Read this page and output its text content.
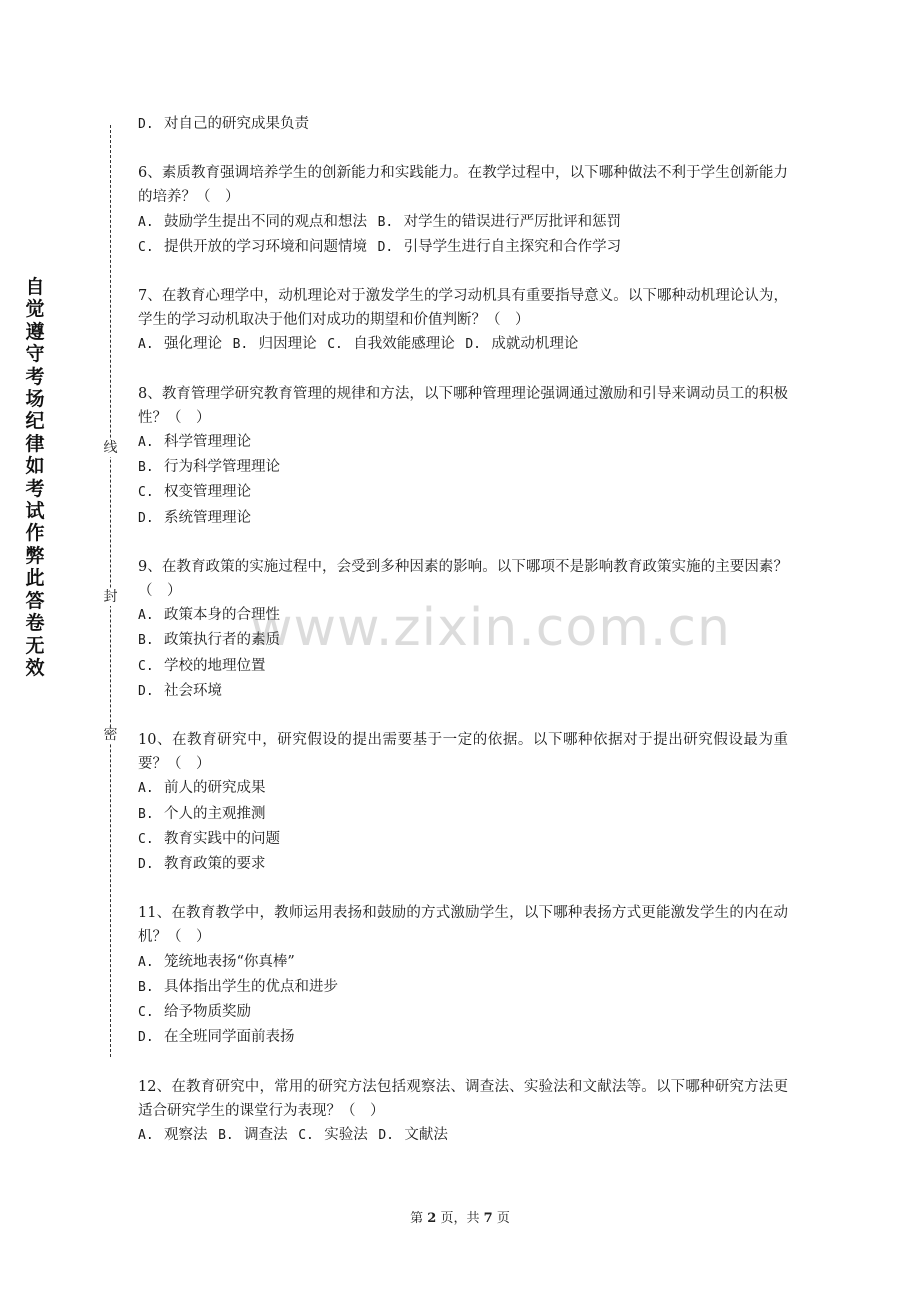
自觉遵守考场纪律如考试作弊此答卷无效
线
封
密
www.zixin.com.cn
D. 对自己的研究成果负责
6、素质教育强调培养学生的创新能力和实践能力。在教学过程中，以下哪种做法不利于学生创新能力的培养？（　）
A. 鼓励学生提出不同的观点和想法 B. 对学生的错误进行严厉批评和惩罚
C. 提供开放的学习环境和问题情境 D. 引导学生进行自主探究和合作学习
7、在教育心理学中，动机理论对于激发学生的学习动机具有重要指导意义。以下哪种动机理论认为，学生的学习动机取决于他们对成功的期望和价值判断？（　）
A. 强化理论 B. 归因理论 C. 自我效能感理论 D. 成就动机理论
8、教育管理学研究教育管理的规律和方法，以下哪种管理理论强调通过激励和引导来调动员工的积极性？（　）
A. 科学管理理论
B. 行为科学管理理论
C. 权变管理理论
D. 系统管理理论
9、在教育政策的实施过程中，会受到多种因素的影响。以下哪项不是影响教育政策实施的主要因素？（　）
A. 政策本身的合理性
B. 政策执行者的素质
C. 学校的地理位置
D. 社会环境
10、在教育研究中，研究假设的提出需要基于一定的依据。以下哪种依据对于提出研究假设最为重要？（　）
A. 前人的研究成果
B. 个人的主观推测
C. 教育实践中的问题
D. 教育政策的要求
11、在教育教学中，教师运用表扬和鼓励的方式激励学生，以下哪种表扬方式更能激发学生的内在动机？（　）
A. 笼统地表扬“你真棒”
B. 具体指出学生的优点和进步
C. 给予物质奖励
D. 在全班同学面前表扬
12、在教育研究中，常用的研究方法包括观察法、调查法、实验法和文献法等。以下哪种研究方法更适合研究学生的课堂行为表现？（　）
A. 观察法 B. 调查法 C. 实验法 D. 文献法
第 2 页，共 7 页
